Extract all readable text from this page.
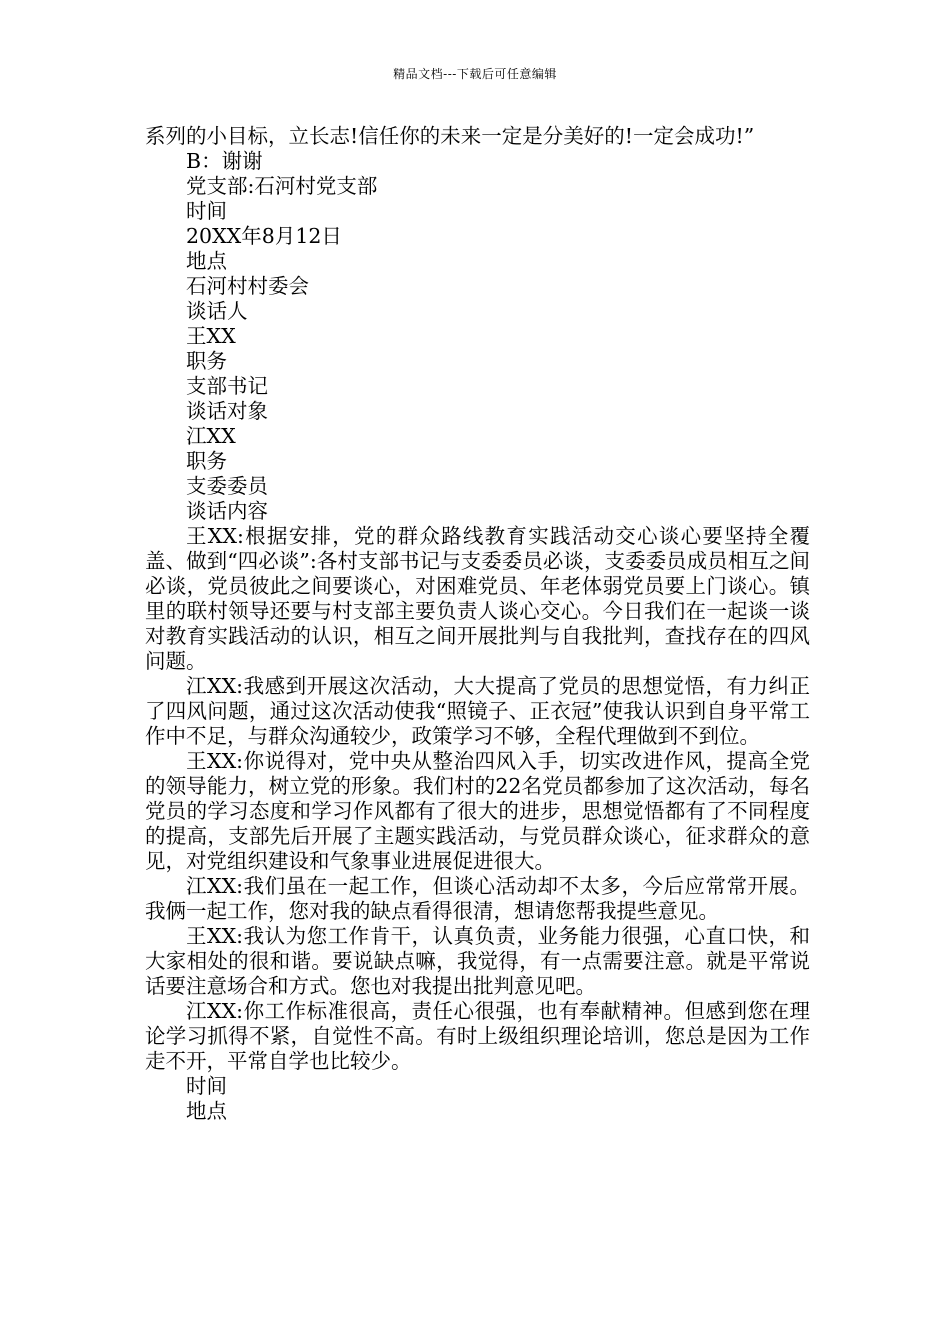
精品文档---下载后可任意编辑

系列的小目标，立长志!信任你的未来一定是分美好的!一定会成功!”

B：谢谢

党支部:石河村党支部

时间

20XX年8月12日

地点

石河村村委会

谈话人

王XX

职务

支部书记

谈话对象

江XX

职务

支委委员

谈话内容

王XX:根据安排，党的群众路线教育实践活动交心谈心要坚持全覆盖、做到“四必谈”:各村支部书记与支委委员必谈，支委委员成员相互之间必谈，党员彼此之间要谈心，对困难党员、年老体弱党员要上门谈心。镇里的联村领导还要与村支部主要负责人谈心交心。今日我们在一起谈一谈对教育实践活动的认识，相互之间开展批判与自我批判，查找存在的四风问题。

江XX:我感到开展这次活动，大大提高了党员的思想觉悟，有力纠正了四风问题，通过这次活动使我“照镜子、正衣冠”使我认识到自身平常工作中不足，与群众沟通较少，政策学习不够，全程代理做到不到位。

王XX:你说得对，党中央从整治四风入手，切实改进作风，提高全党的领导能力，树立党的形象。我们村的22名党员都参加了这次活动，每名党员的学习态度和学习作风都有了很大的进步，思想觉悟都有了不同程度的提高，支部先后开展了主题实践活动，与党员群众谈心，征求群众的意见，对党组织建设和气象事业进展促进很大。

江XX:我们虽在一起工作，但谈心活动却不太多，今后应常常开展。我俩一起工作，您对我的缺点看得很清，想请您帮我提些意见。

王XX:我认为您工作肯干，认真负责，业务能力很强，心直口快，和大家相处的很和谐。要说缺点嘛，我觉得，有一点需要注意。就是平常说话要注意场合和方式。您也对我提出批判意见吧。

江XX:你工作标准很高，责任心很强，也有奉献精神。但感到您在理论学习抓得不紧，自觉性不高。有时上级组织理论培训，您总是因为工作走不开，平常自学也比较少。

时间

地点
